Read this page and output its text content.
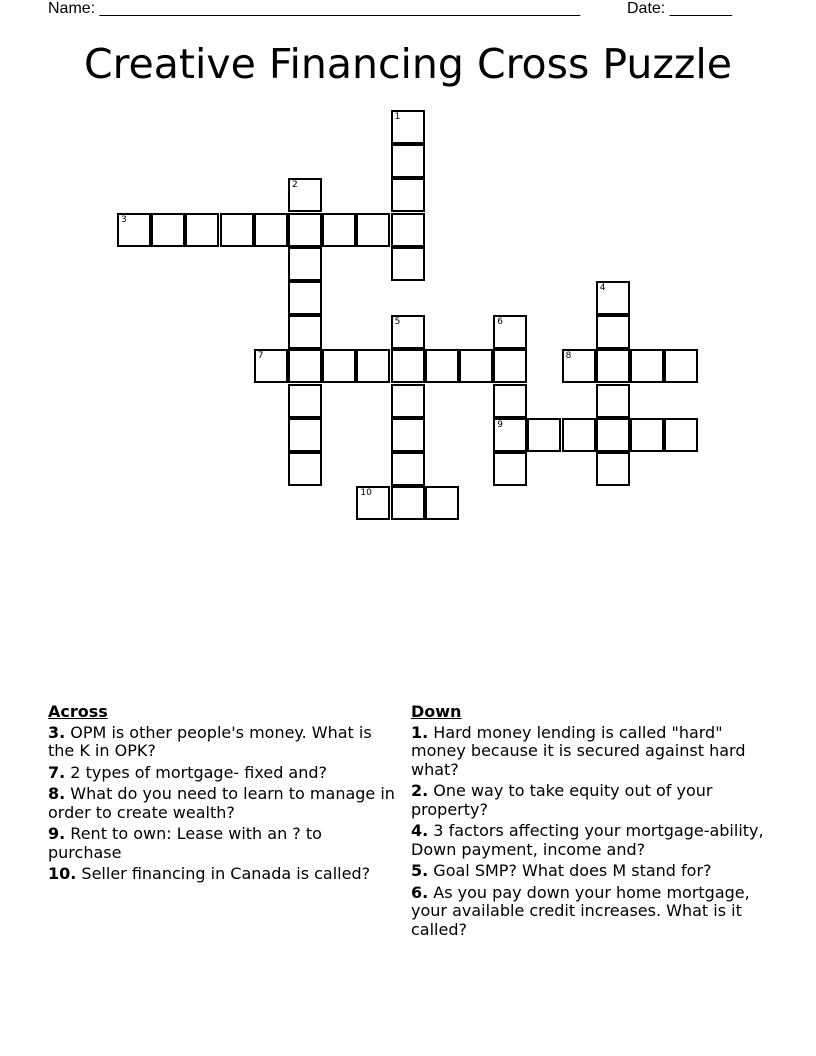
Name: ______________________________________________________	Date: _______
Creative Financing Cross Puzzle
1
2
3
4
5	6
9
7	8
10
Across
3. OPM is other people's money. What is the K in OPK?
7. 2 types of mortgage- fixed and?
8. What do you need to learn to manage in order to create wealth?
9. Rent to own: Lease with an ? to purchase
10. Seller financing in Canada is called?
Down
1. Hard money lending is called "hard" money because it is secured against hard what?
2. One way to take equity out of your property?
4. 3 factors affecting your mortgage-ability, Down payment, income and?
5. Goal SMP? What does M stand for?
6. As you pay down your home mortgage, your available credit increases. What is it called?
